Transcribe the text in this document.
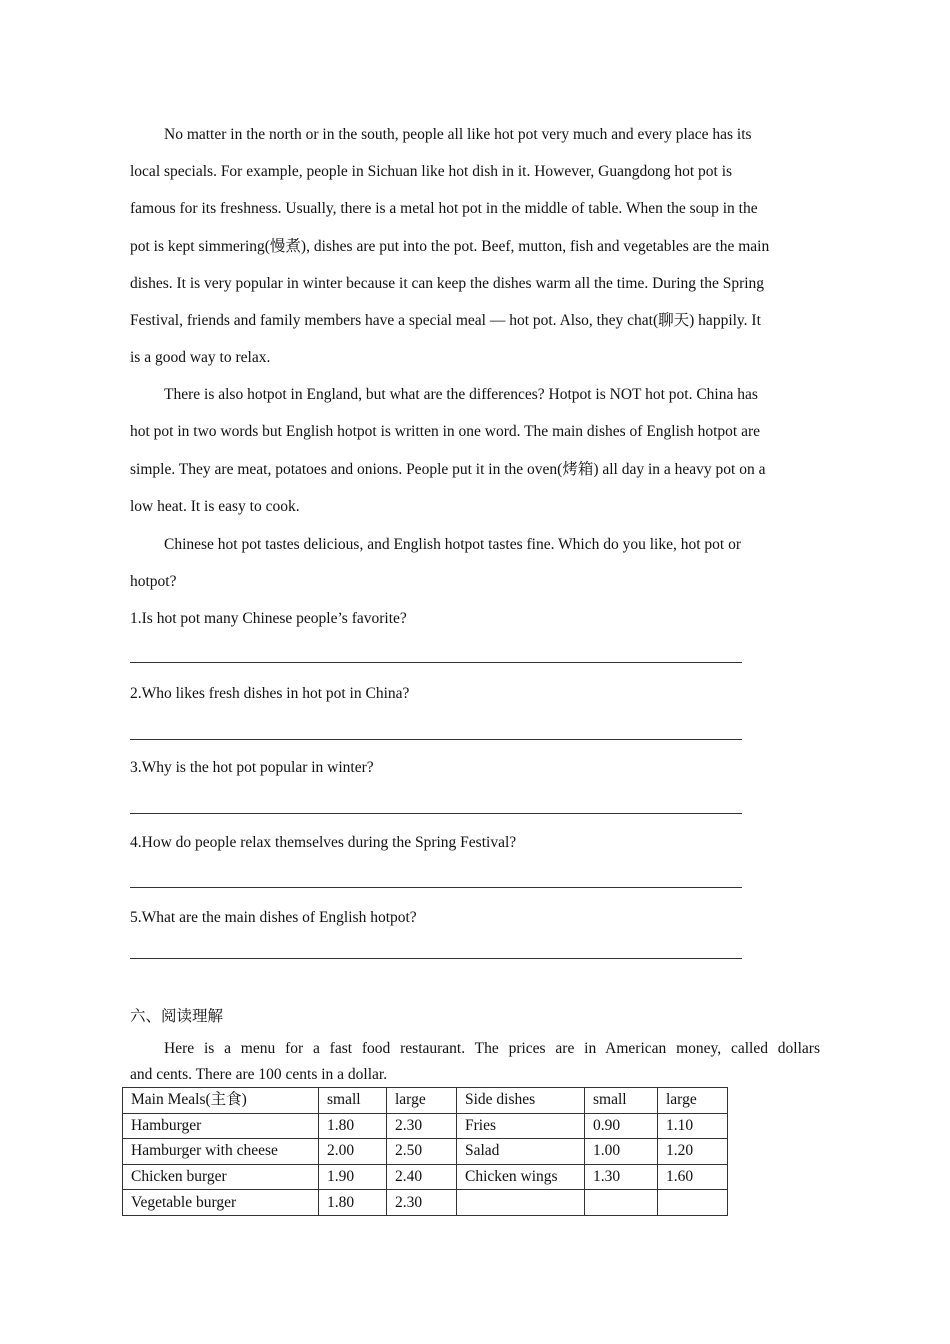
No matter in the north or in the south, people all like hot pot very much and every place has its
local specials. For example, people in Sichuan like hot dish in it. However, Guangdong hot pot is
famous for its freshness. Usually, there is a metal hot pot in the middle of table. When the soup in the
pot is kept simmering(慢煮), dishes are put into the pot. Beef, mutton, fish and vegetables are the main
dishes. It is very popular in winter because it can keep the dishes warm all the time. During the Spring
Festival, friends and family members have a special meal — hot pot. Also, they chat(聊天) happily. It
is a good way to relax.
There is also hotpot in England, but what are the differences? Hotpot is NOT hot pot. China has
hot pot in two words but English hotpot is written in one word. The main dishes of English hotpot are
simple. They are meat, potatoes and onions. People put it in the oven(烤箱) all day in a heavy pot on a
low heat. It is easy to cook.
Chinese hot pot tastes delicious, and English hotpot tastes fine. Which do you like, hot pot or
hotpot?
1.Is hot pot many Chinese people’s favorite?
2.Who likes fresh dishes in hot pot in China?
3.Why is the hot pot popular in winter?
4.How do people relax themselves during the Spring Festival?
5.What are the main dishes of English hotpot?
六、阅读理解
Here is a menu for a fast food restaurant. The prices are in American money, called dollars
and cents. There are 100 cents in a dollar.
Main Meals(主食)	small	large	Side dishes	small	large
Hamburger	1.80	2.30	Fries	0.90	1.10
Hamburger with cheese	2.00	2.50	Salad	1.00	1.20
Chicken burger	1.90	2.40	Chicken wings	1.30	1.60
Vegetable burger	1.80	2.30			
